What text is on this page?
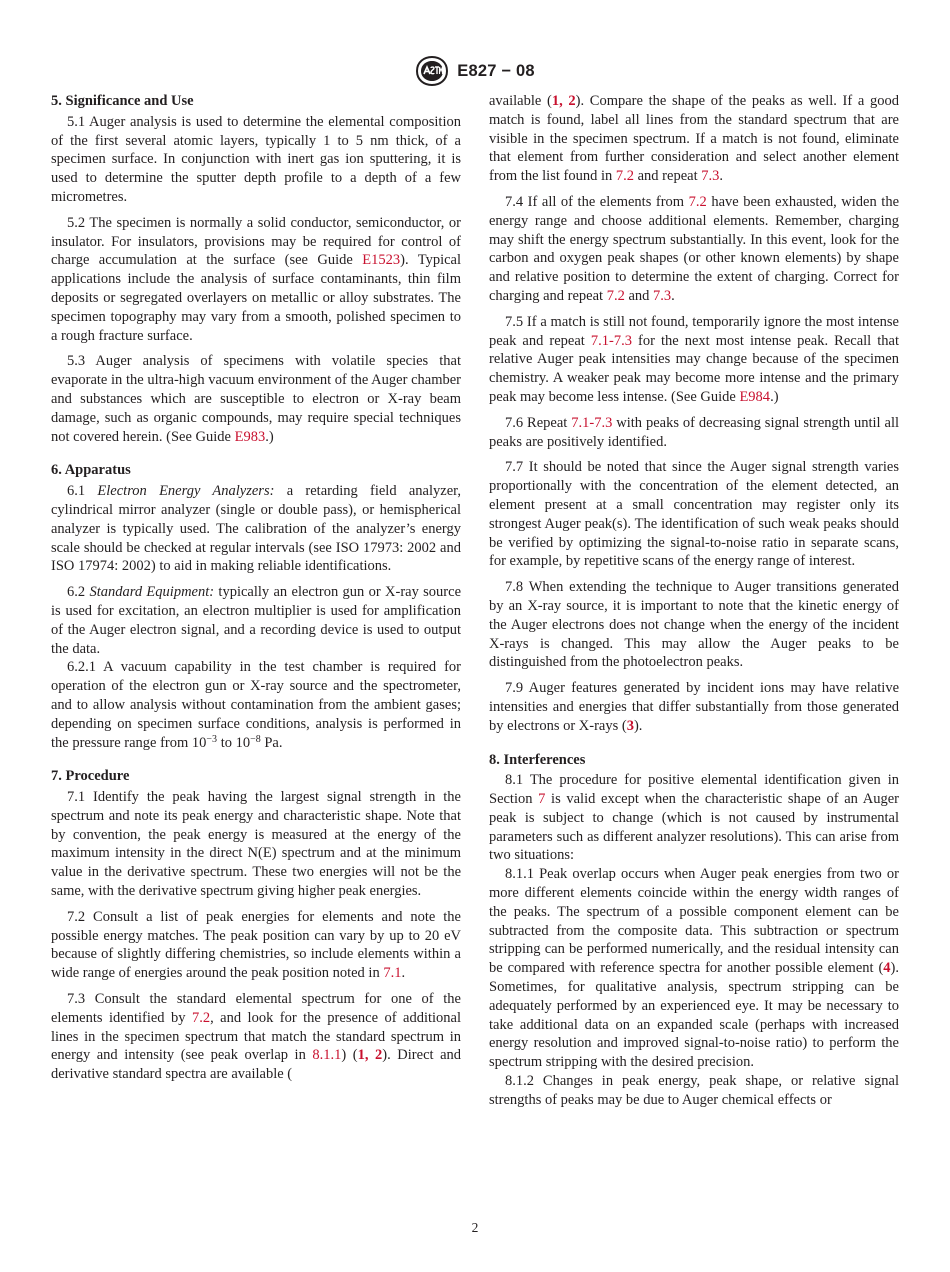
E827 − 08
5. Significance and Use

5.1 Auger analysis is used to determine the elemental composition of the first several atomic layers, typically 1 to 5 nm thick, of a specimen surface. In conjunction with inert gas ion sputtering, it is used to determine the sputter depth profile to a depth of a few micrometres.

5.2 The specimen is normally a solid conductor, semiconductor, or insulator. For insulators, provisions may be required for control of charge accumulation at the surface (see Guide E1523). Typical applications include the analysis of surface contaminants, thin film deposits or segregated overlayers on metallic or alloy substrates. The specimen topography may vary from a smooth, polished specimen to a rough fracture surface.

5.3 Auger analysis of specimens with volatile species that evaporate in the ultra-high vacuum environment of the Auger chamber and substances which are susceptible to electron or X-ray beam damage, such as organic compounds, may require special techniques not covered herein. (See Guide E983.)

6. Apparatus

6.1 Electron Energy Analyzers: a retarding field analyzer, cylindrical mirror analyzer (single or double pass), or hemispherical analyzer is typically used. The calibration of the analyzer’s energy scale should be checked at regular intervals (see ISO 17973: 2002 and ISO 17974: 2002) to aid in making reliable identifications.

6.2 Standard Equipment: typically an electron gun or X-ray source is used for excitation, an electron multiplier is used for amplification of the Auger electron signal, and a recording device is used to output the data.

6.2.1 A vacuum capability in the test chamber is required for operation of the electron gun or X-ray source and the spectrometer, and to allow analysis without contamination from the ambient gases; depending on specimen surface conditions, analysis is performed in the pressure range from $10^{-3}$ to $10^{-8}$ Pa.

7. Procedure

7.1 Identify the peak having the largest signal strength in the spectrum and note its peak energy and characteristic shape. Note that by convention, the peak energy is measured at the energy of the maximum intensity in the direct N(E) spectrum and at the minimum value in the derivative spectrum. These two energies will not be the same, with the derivative spectrum giving higher peak energies.

7.2 Consult a list of peak energies for elements and note the possible energy matches. The peak position can vary by up to 20 eV because of slightly differing chemistries, so include elements within a wide range of energies around the peak position noted in 7.1.

7.3 Consult the standard elemental spectrum for one of the elements identified by 7.2, and look for the presence of additional lines in the specimen spectrum that match the standard spectrum in energy and intensity (see peak overlap in 8.1.1) (1, 2). Direct and derivative standard spectra are available (

available (1, 2). Compare the shape of the peaks as well. If a good match is found, label all lines from the standard spectrum that are visible in the specimen spectrum. If a match is not found, eliminate that element from further consideration and select another element from the list found in 7.2 and repeat 7.3.

7.4 If all of the elements from 7.2 have been exhausted, widen the energy range and choose additional elements. Remember, charging may shift the energy spectrum substantially. In this event, look for the carbon and oxygen peak shapes (or other known elements) by shape and relative position to determine the extent of charging. Correct for charging and repeat 7.2 and 7.3.

7.5 If a match is still not found, temporarily ignore the most intense peak and repeat 7.1-7.3 for the next most intense peak. Recall that relative Auger peak intensities may change because of the specimen chemistry. A weaker peak may become more intense and the primary peak may become less intense. (See Guide E984.)

7.6 Repeat 7.1-7.3 with peaks of decreasing signal strength until all peaks are positively identified.

7.7 It should be noted that since the Auger signal strength varies proportionally with the concentration of the element detected, an element present at a small concentration may register only its strongest Auger peak(s). The identification of such weak peaks should be verified by optimizing the signal-to-noise ratio in separate scans, for example, by repetitive scans of the energy range of interest.

7.8 When extending the technique to Auger transitions generated by an X-ray source, it is important to note that the kinetic energy of the Auger electrons does not change when the energy of the incident X-rays is changed. This may allow the Auger peaks to be distinguished from the photoelectron peaks.

7.9 Auger features generated by incident ions may have relative intensities and energies that differ substantially from those generated by electrons or X-rays (3).

8. Interferences

8.1 The procedure for positive elemental identification given in Section 7 is valid except when the characteristic shape of an Auger peak is subject to change (which is not caused by instrumental parameters such as different analyzer resolutions). This can arise from two situations:

8.1.1 Peak overlap occurs when Auger peak energies from two or more different elements coincide within the energy width ranges of the peaks. The spectrum of a possible component element can be subtracted from the composite data. This subtraction or spectrum stripping can be performed numerically, and the residual intensity can be compared with reference spectra for another possible element (4). Sometimes, for qualitative analysis, spectrum stripping can be adequately performed by an experienced eye. It may be necessary to take additional data on an expanded scale (perhaps with increased energy resolution and improved signal-to-noise ratio) to perform the spectrum stripping with the desired precision.

8.1.2 Changes in peak energy, peak shape, or relative signal strengths of peaks may be due to Auger chemical effects or

2
